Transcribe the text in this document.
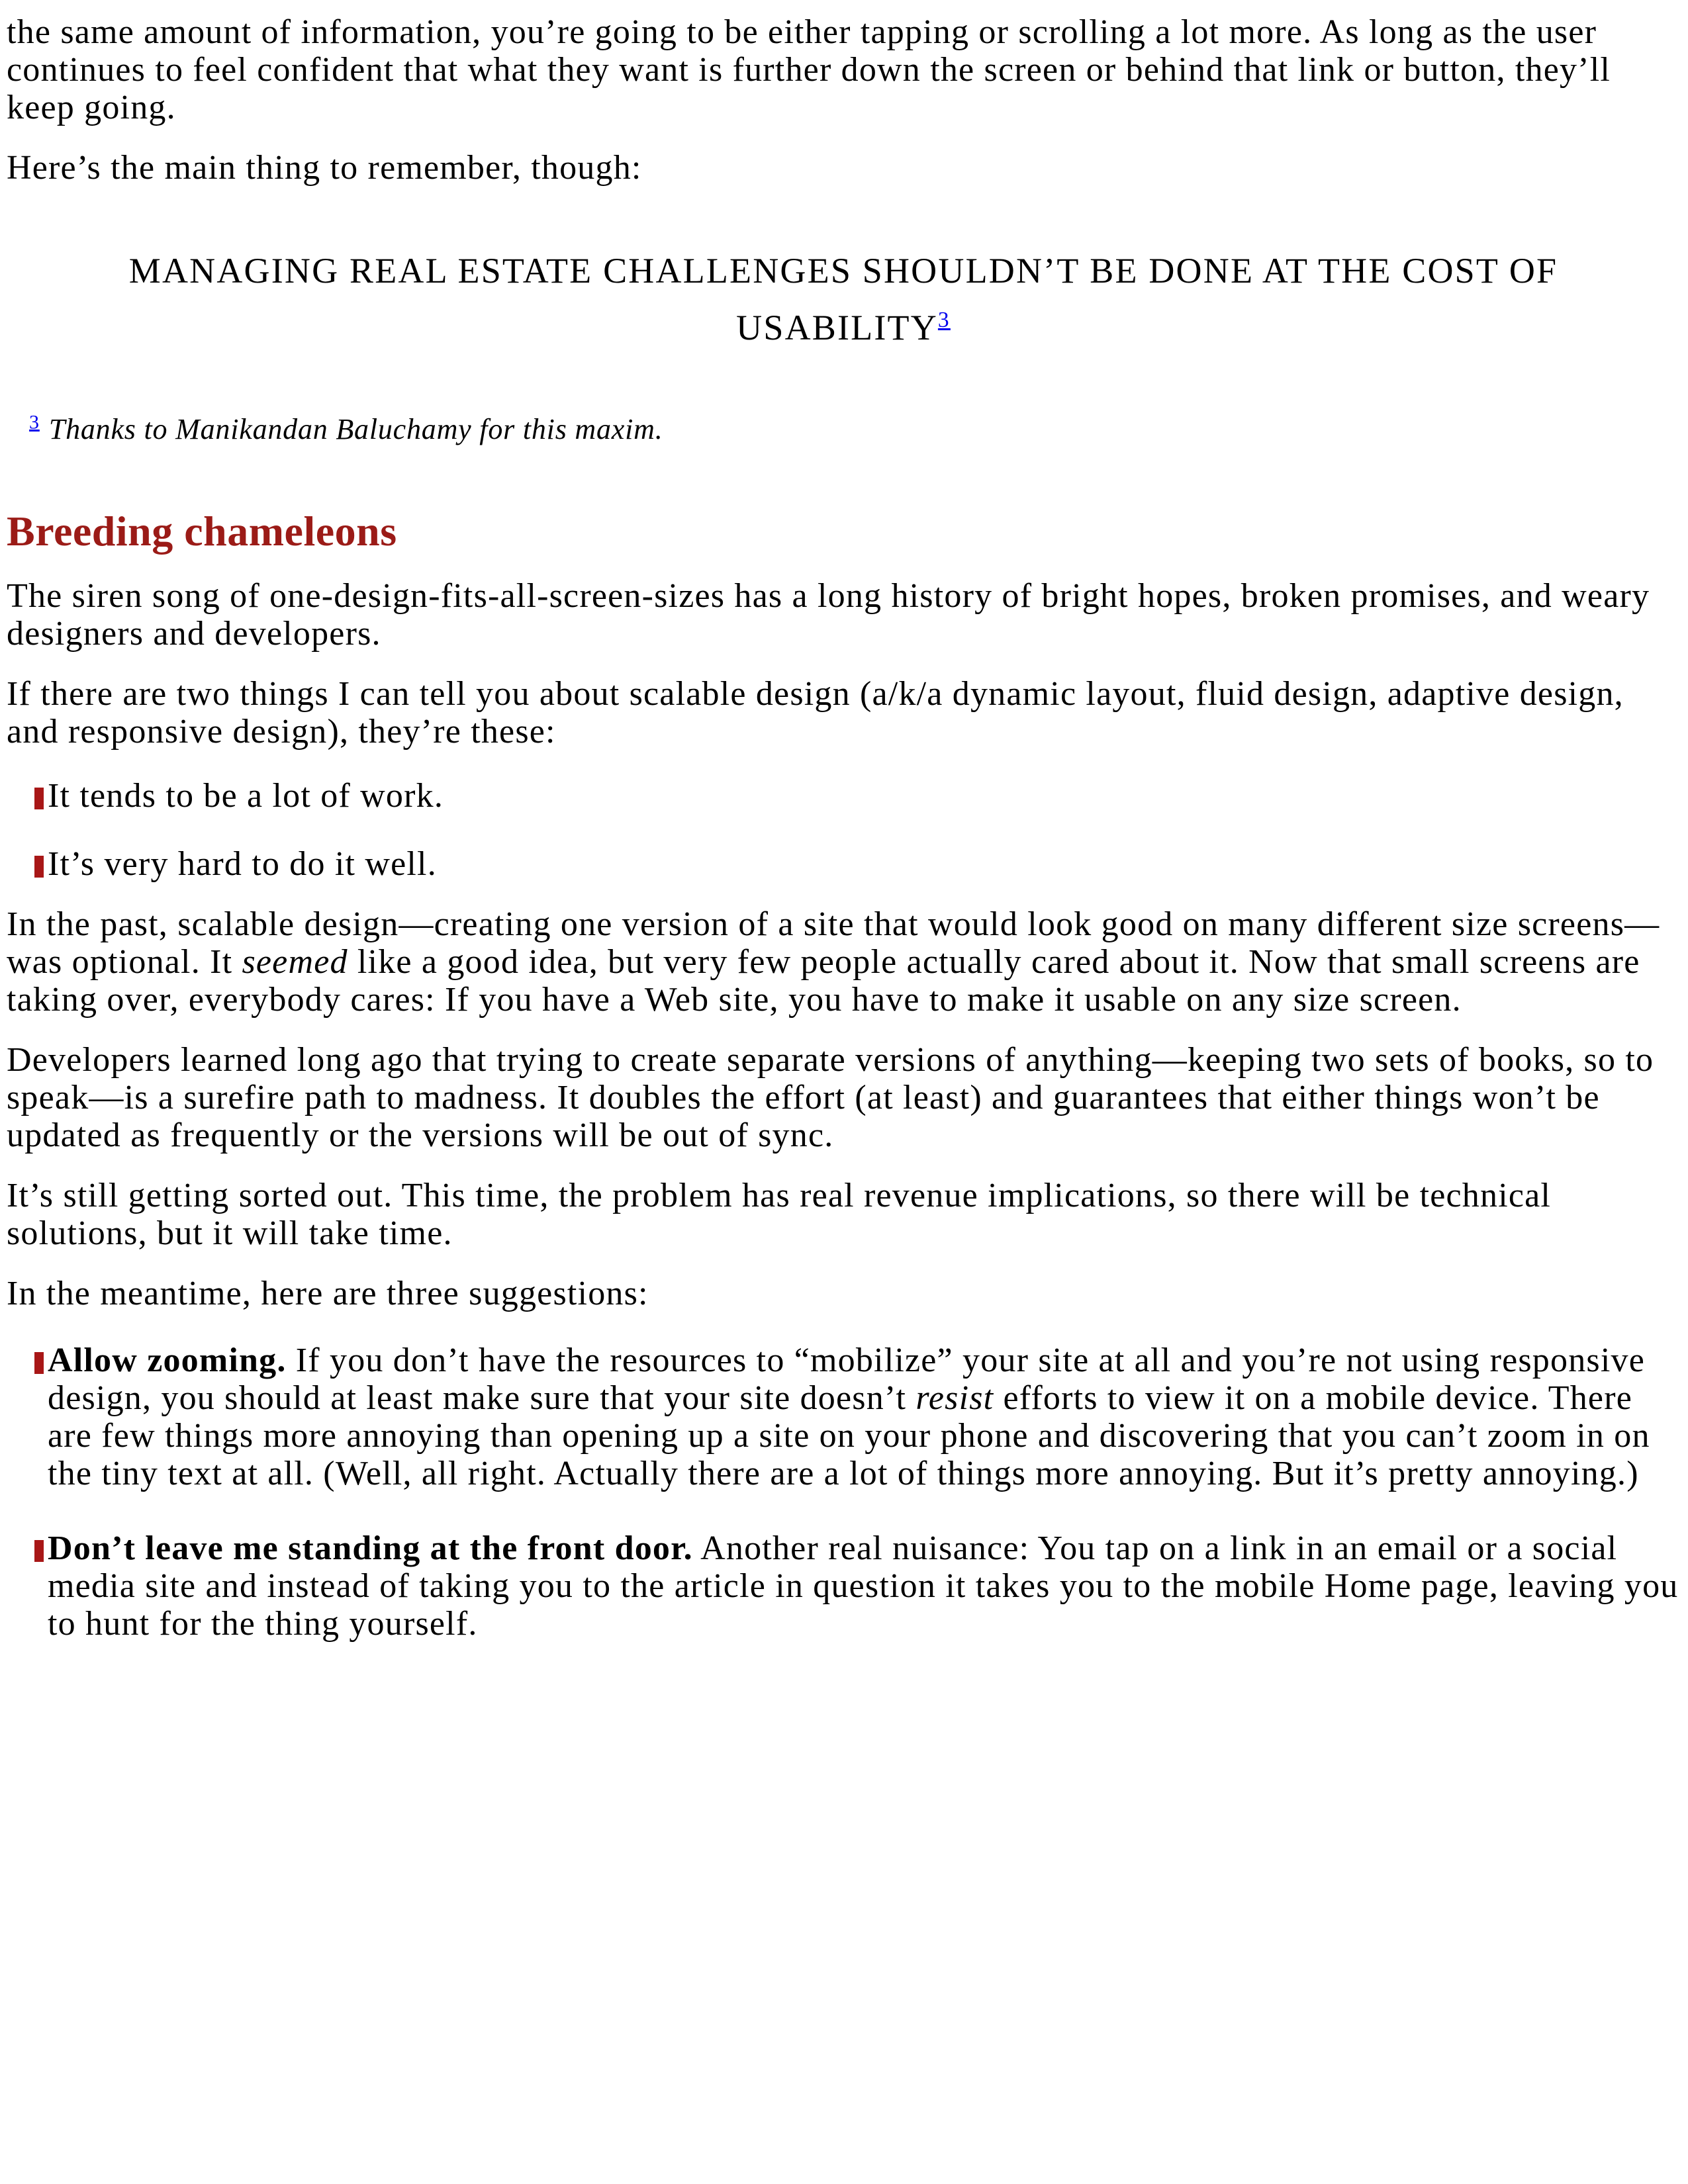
the same amount of information, you’re going to be either tapping or scrolling a lot more. As long as the user continues to feel confident that what they want is further down the screen or behind that link or button, they’ll keep going.

Here’s the main thing to remember, though:

MANAGING REAL ESTATE CHALLENGES SHOULDN’T BE DONE AT THE COST OF USABILITY$^3$

$^3$ Thanks to Manikandan Baluchamy for this maxim.

Breeding chameleons

The siren song of one-design-fits-all-screen-sizes has a long history of bright hopes, broken promises, and weary designers and developers.

If there are two things I can tell you about scalable design (a/k/a dynamic layout, fluid design, adaptive design, and responsive design), they’re these:

It tends to be a lot of work.
It’s very hard to do it well.

In the past, scalable design—creating one version of a site that would look good on many different size screens—was optional. It seemed like a good idea, but very few people actually cared about it. Now that small screens are taking over, everybody cares: If you have a Web site, you have to make it usable on any size screen.

Developers learned long ago that trying to create separate versions of anything—keeping two sets of books, so to speak—is a surefire path to madness. It doubles the effort (at least) and guarantees that either things won’t be updated as frequently or the versions will be out of sync.

It’s still getting sorted out. This time, the problem has real revenue implications, so there will be technical solutions, but it will take time.

In the meantime, here are three suggestions:

Allow zooming. If you don’t have the resources to “mobilize” your site at all and you’re not using responsive design, you should at least make sure that your site doesn’t resist efforts to view it on a mobile device. There are few things more annoying than opening up a site on your phone and discovering that you can’t zoom in on the tiny text at all. (Well, all right. Actually there are a lot of things more annoying. But it’s pretty annoying.)
Don’t leave me standing at the front door. Another real nuisance: You tap on a link in an email or a social media site and instead of taking you to the article in question it takes you to the mobile Home page, leaving you to hunt for the thing yourself.
